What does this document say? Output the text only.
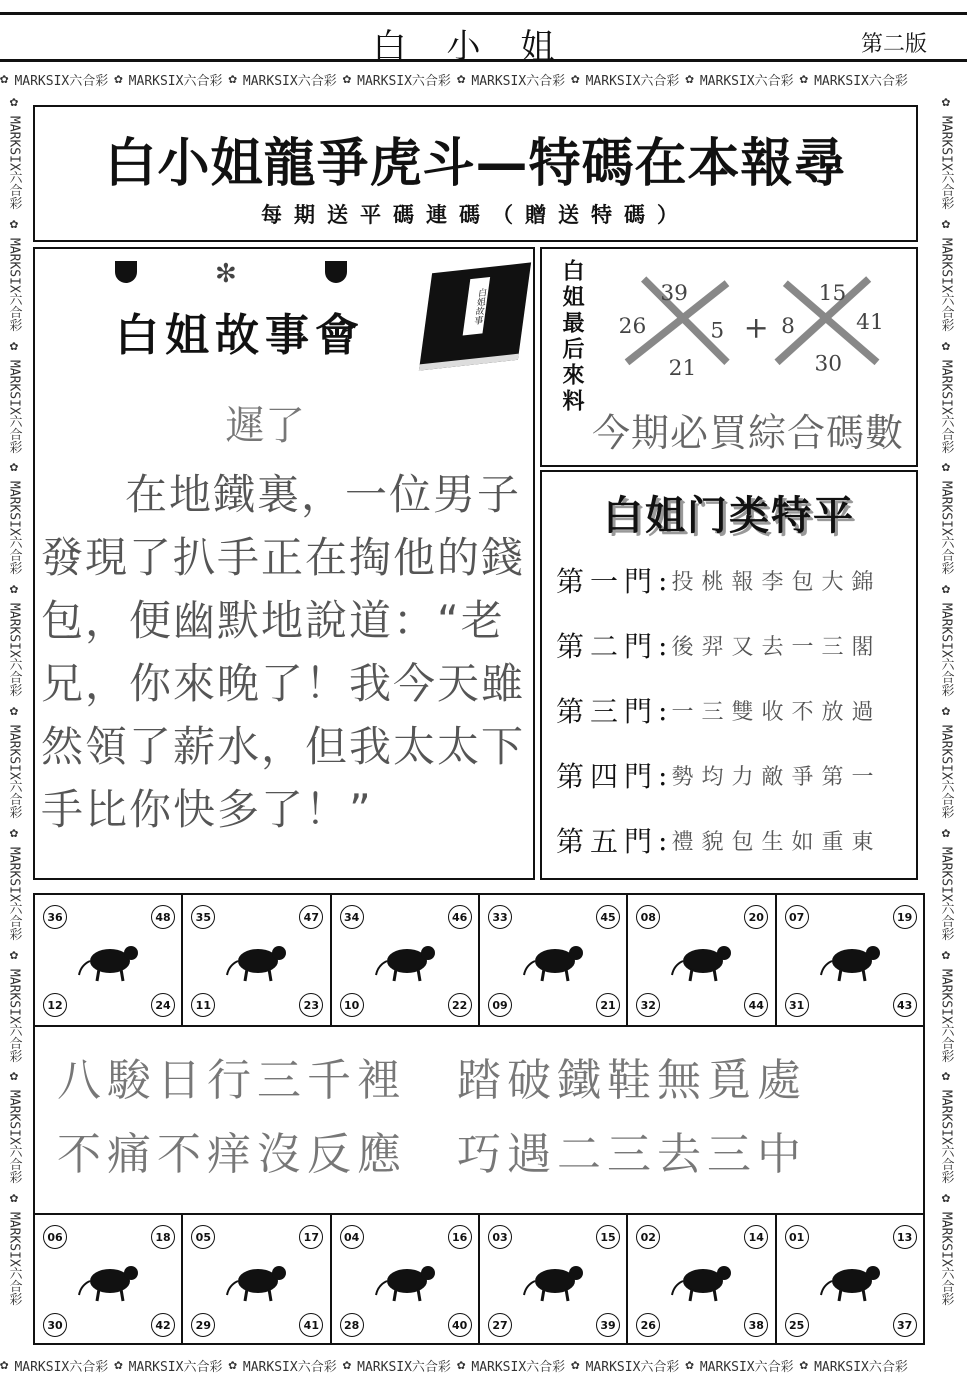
白小姐	第二版
✿ MARKSIX六合彩 ✿ MARKSIX六合彩 ✿ MARKSIX六合彩 ✿ MARKSIX六合彩 ✿ MARKSIX六合彩 ✿ MARKSIX六合彩 ✿ MARKSIX六合彩 ✿ MARKSIX六合彩
✿ MARKSIX六合彩 ✿ MARKSIX六合彩 ✿ MARKSIX六合彩 ✿ MARKSIX六合彩 ✿ MARKSIX六合彩 ✿ MARKSIX六合彩 ✿ MARKSIX六合彩 ✿ MARKSIX六合彩
✿
MARKSIX六合彩
✿
MARKSIX六合彩
✿
MARKSIX六合彩
✿
MARKSIX六合彩
✿
MARKSIX六合彩
✿
MARKSIX六合彩
✿
MARKSIX六合彩
✿
MARKSIX六合彩
✿
MARKSIX六合彩
✿
MARKSIX六合彩
✿
MARKSIX六合彩
✿
MARKSIX六合彩
✿
MARKSIX六合彩
✿
MARKSIX六合彩
✿
MARKSIX六合彩
✿
MARKSIX六合彩
✿
MARKSIX六合彩
✿
MARKSIX六合彩
✿
MARKSIX六合彩
✿
MARKSIX六合彩
白小姐龍爭虎斗—特碼在本報尋
每期送平碼連碼（贈送特碼）
✻
白姐故事會
白姐故事
遲了
在地鐵裏，一位男子
發現了扒手正在掏他的錢
包，便幽默地說道：“老
兄，你來晚了！我今天雖
然領了薪水，但我太太下
手比你快多了！”
白姐最后來料	39
26 5
21
+
15
8 41
30
今期必買綜合碼數
白姐门类特平
第一門 : 投桃報李包大錦
第二門 : 後羿又去一三閣
第三門 : 一三雙收不放過
第四門 : 勢均力敵爭第一
第五門 : 禮貌包生如重東
36	48
12	24
35	47
11	23
34	46
10	22
33	45
09	21
08	20
32	44
07	19
31	43
八駿日行三千裡　踏破鐵鞋無覓處
不痛不痒沒反應　巧遇二三去三中
06	18
30	42
05	17
29	41
04	16
28	40
03	15
27	39
02	14
26	38
01	13
25	37
